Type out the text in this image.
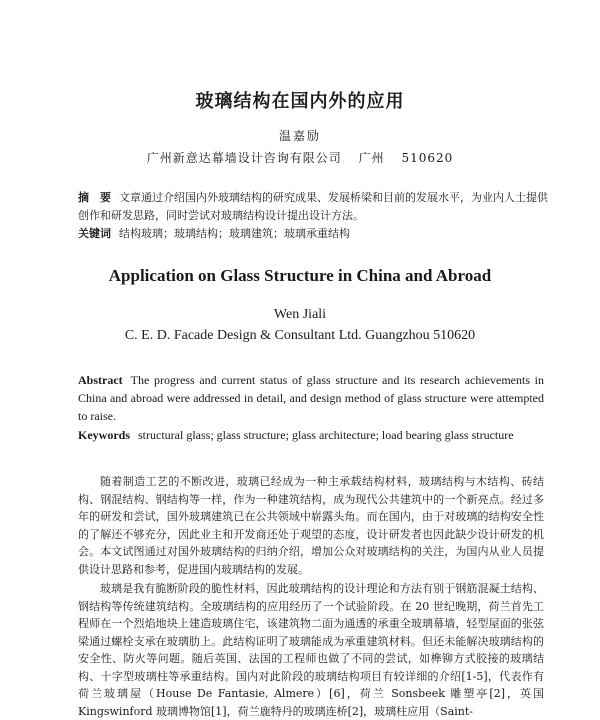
玻璃结构在国内外的应用
温嘉励
广州新意达幕墙设计咨询有限公司 广州 510620
摘　要 文章通过介绍国内外玻璃结构的研究成果、发展桥梁和目前的发展水平，为业内人士提供创作和研发思路，同时尝试对玻璃结构设计提出设计方法。
关键词 结构玻璃；玻璃结构；玻璃建筑；玻璃承重结构
Application on Glass Structure in China and Abroad
Wen Jiali
C. E. D. Facade Design & Consultant Ltd. Guangzhou 510620
Abstract The progress and current status of glass structure and its research achievements in China and abroad were addressed in detail, and design method of glass structure were attempted to raise.
Keywords structural glass; glass structure; glass architecture; load bearing glass structure
随着制造工艺的不断改进，玻璃已经成为一种主承载结构材料，玻璃结构与木结构、砖结构、钢混结构、钢结构等一样，作为一种建筑结构，成为现代公共建筑中的一个新亮点。经过多年的研发和尝试，国外玻璃建筑已在公共领域中崭露头角。而在国内，由于对玻璃的结构安全性的了解还不够充分，因此业主和开发商还处于观望的态度，设计研发者也因此缺少设计研发的机会。本文试图通过对国外玻璃结构的归纳介绍，增加公众对玻璃结构的关注，为国内从业人员提供设计思路和参考，促进国内玻璃结构的发展。
玻璃是我有脆断阶段的脆性材料，因此玻璃结构的设计理论和方法有别于钢筋混凝土结构、钢结构等传统建筑结构。全玻璃结构的应用经历了一个试验阶段。在 20 世纪晚期，荷兰首先工程师在一个烈焰地块上建造玻璃住宅，该建筑物二面为通透的承重全玻璃幕墙，轻型屋面的张弦梁通过螺栓支承在玻璃肋上。此结构证明了玻璃能成为承重建筑材料。但还未能解决玻璃结构的安全性、防火等问题。随后英国、法国的工程师也做了不同的尝试，如榫铆方式胶接的玻璃结构、十字型玻璃柱等承重结构。国内对此阶段的玻璃结构项目有较详细的介绍[1-5]，代表作有荷兰玻璃屋（House De Fantasie, Almere）[6]，荷兰 Sonsbeek 雕塑亭[2]，英国 Kingswinford 玻璃博物馆[1]，荷兰鹿特丹的玻璃连桥[2]，玻璃柱应用（Saint-
